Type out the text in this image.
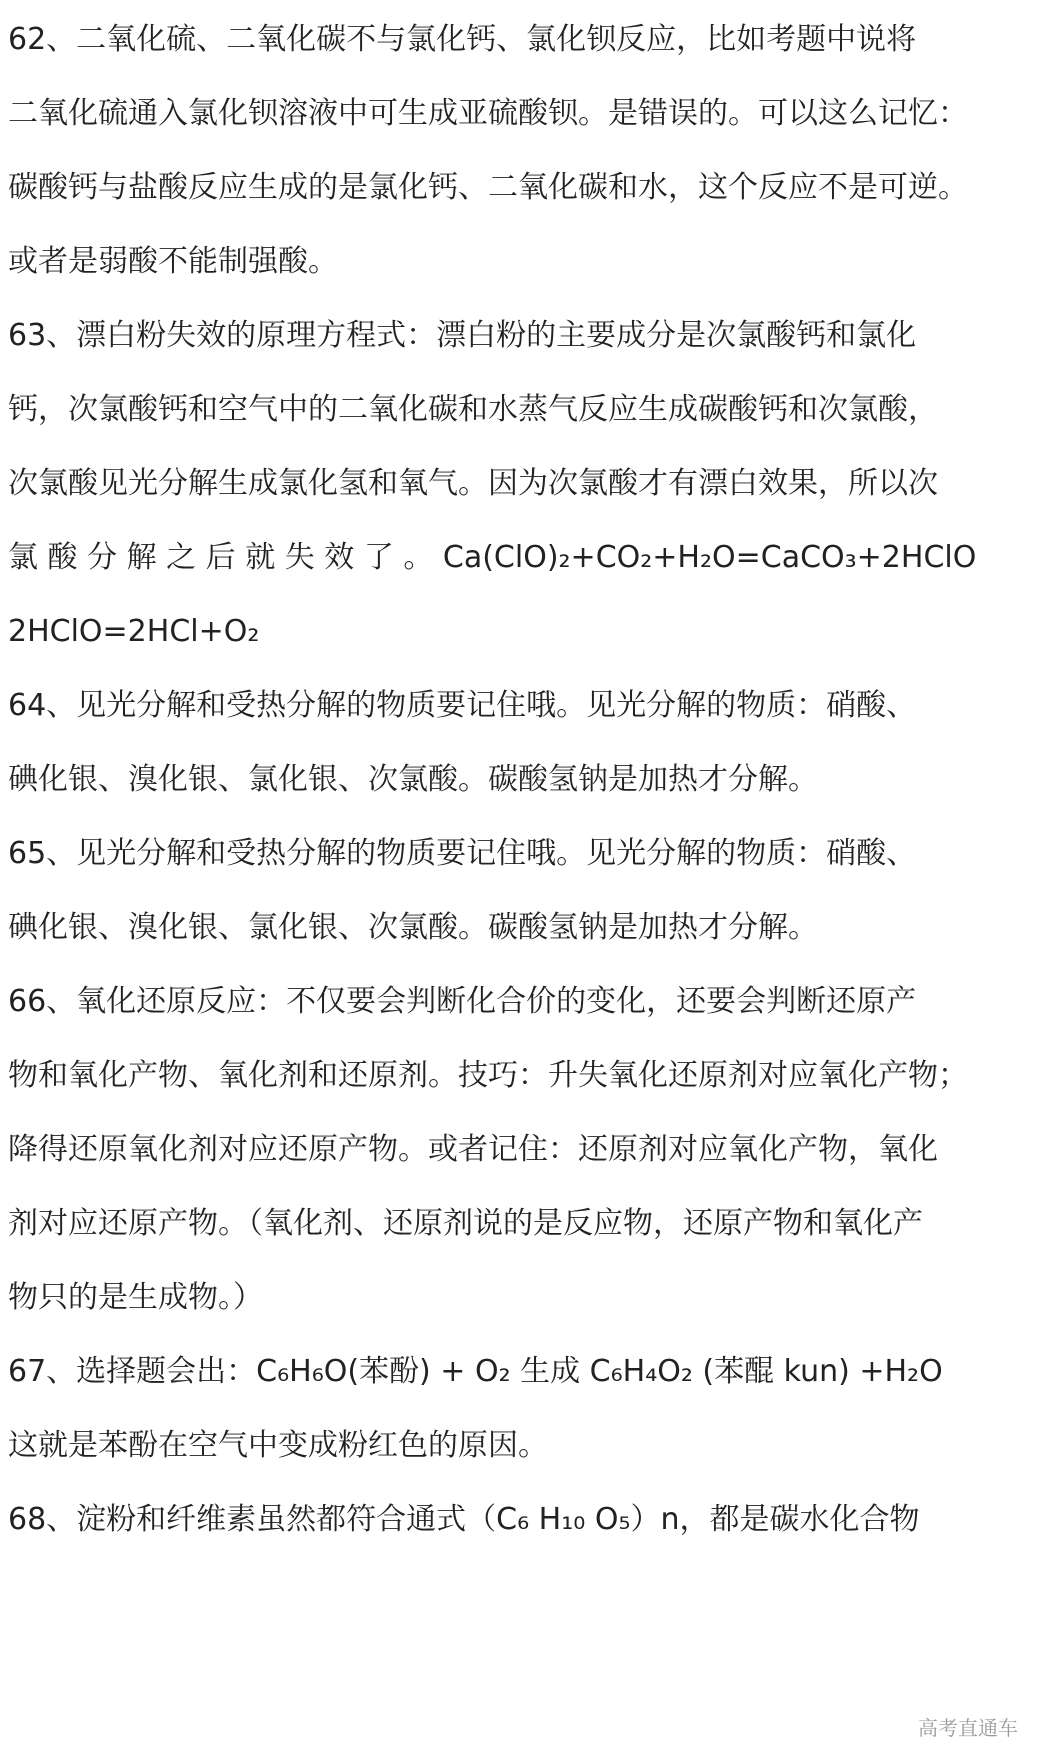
62、二氧化硫、二氧化碳不与氯化钙、氯化钡反应，比如考题中说将
二氧化硫通入氯化钡溶液中可生成亚硫酸钡。是错误的。可以这么记忆：
碳酸钙与盐酸反应生成的是氯化钙、二氧化碳和水，这个反应不是可逆。
或者是弱酸不能制强酸。
63、漂白粉失效的原理方程式：漂白粉的主要成分是次氯酸钙和氯化
钙，次氯酸钙和空气中的二氧化碳和水蒸气反应生成碳酸钙和次氯酸，
次氯酸见光分解生成氯化氢和氧气。因为次氯酸才有漂白效果，所以次
氯 酸 分 解 之 后 就 失 效 了 。 Ca(ClO)₂+CO₂+H₂O=CaCO₃+2HClO
2HClO=2HCl+O₂
64、见光分解和受热分解的物质要记住哦。见光分解的物质：硝酸、
碘化银、溴化银、氯化银、次氯酸。碳酸氢钠是加热才分解。
65、见光分解和受热分解的物质要记住哦。见光分解的物质：硝酸、
碘化银、溴化银、氯化银、次氯酸。碳酸氢钠是加热才分解。
66、氧化还原反应：不仅要会判断化合价的变化，还要会判断还原产
物和氧化产物、氧化剂和还原剂。技巧：升失氧化还原剂对应氧化产物；
降得还原氧化剂对应还原产物。或者记住：还原剂对应氧化产物，氧化
剂对应还原产物。（氧化剂、还原剂说的是反应物，还原产物和氧化产
物只的是生成物。）
67、选择题会出：C₆H₆O(苯酚) + O₂ 生成 C₆H₄O₂ (苯醌 kun) +H₂O
这就是苯酚在空气中变成粉红色的原因。
68、淀粉和纤维素虽然都符合通式（C₆ H₁₀ O₅）n，都是碳水化合物
高考直通车
